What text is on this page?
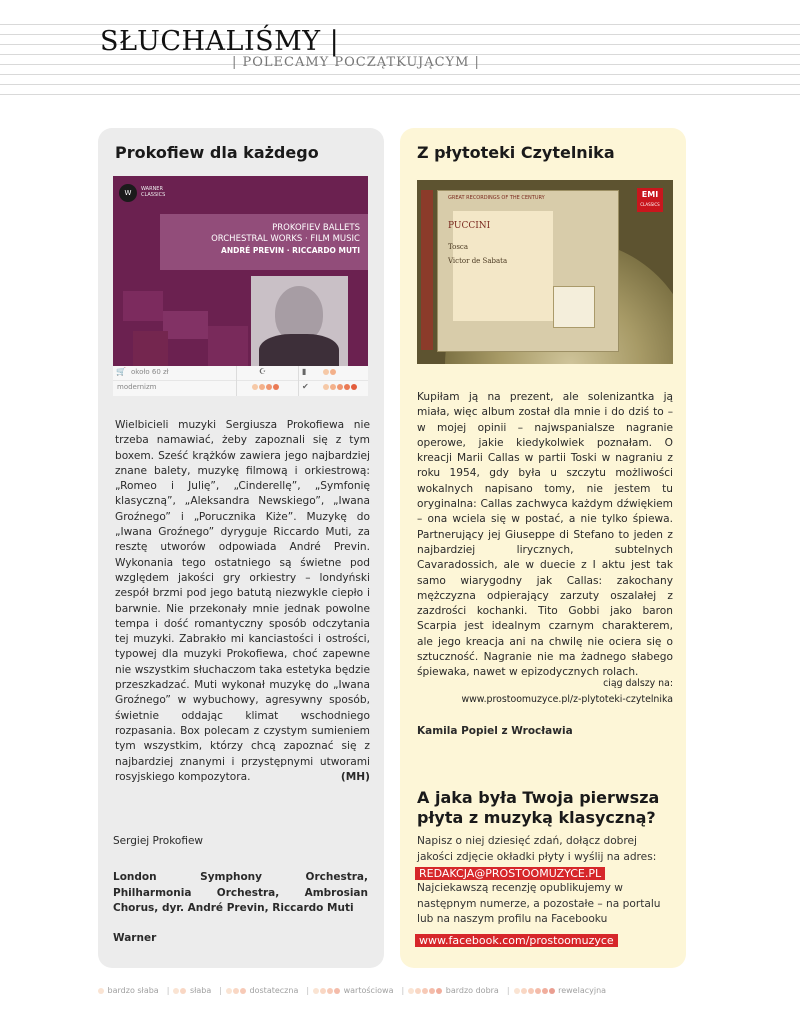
SŁUCHALIŚMY |
| POLECAMY POCZĄTKUJĄCYM |
Prokofiew dla każdego
W	WARNER CLASSICS
PROKOFIEV BALLETS
ORCHESTRAL WORKS · FILM MUSIC
ANDRÉ PREVIN · RICCARDO MUTI
🛒 około 60 zł
modernizm
☪	▮
✔

Wielbicieli muzyki Sergiusza Prokofiewa nie trzeba namawiać, żeby zapoznali się z tym boxem. Sześć krążków zawiera jego najbardziej znane balety, muzykę filmową i orkiestrową: „Romeo i Julię”, „Cinderellę”, „Symfonię klasyczną”, „Aleksandra Newskiego”, „Iwana Groźnego” i „Porucznika Kiże”. Muzykę do „Iwana Groźnego” dyryguje Riccardo Muti, za resztę utworów odpowiada André Previn. Wykonania tego ostatniego są świetne pod względem jakości gry orkiestry – londyński zespół brzmi pod jego batutą niezwykle ciepło i barwnie. Nie przekonały mnie jednak powolne tempa i dość romantyczny sposób odczytania tej muzyki. Zabrakło mi kanciastości i ostrości, typowej dla muzyki Prokofiewa, choć zapewne nie wszystkim słuchaczom taka estetyka będzie przeszkadzać. Muti wykonał muzykę do „Iwana Groźnego” w wybuchowy, agresywny sposób, świetnie oddając klimat wschodniego rozpasania. Box polecam z czystym sumieniem tym wszystkim, którzy chcą zapoznać się z najbardziej znanymi i przystępnymi utworami rosyjskiego kompozytora.	(MH)

Sergiej Prokofiew

London Symphony Orchestra, Philharmonia Orchestra, Ambrosian Chorus, dyr. André Previn, Riccardo Muti

Warner

Z płytoteki Czytelnika
PUCCINI
Tosca
Victor de Sabata
GREAT RECORDINGS OF THE CENTURY	EMI
CLASSICS

Kupiłam ją na prezent, ale solenizantka ją miała, więc album został dla mnie i do dziś to – w mojej opinii – najwspanialsze nagranie operowe, jakie kiedykolwiek poznałam. O kreacji Marii Callas w partii Toski w nagraniu z roku 1954, gdy była u szczytu możliwości wokalnych napisano tomy, nie jestem tu oryginalna: Callas zachwyca każdym dźwiękiem – ona wciela się w postać, a nie tylko śpiewa. Partnerujący jej Giuseppe di Stefano to jeden z najbardziej lirycznych, subtelnych Cavaradossich, ale w duecie z I aktu jest tak samo wiarygodny jak Callas: zakochany mężczyzna odpierający zarzuty oszalałej z zazdrości kochanki. Tito Gobbi jako baron Scarpia jest idealnym czarnym charakterem, ale jego kreacja ani na chwilę nie ociera się o sztuczność. Nagranie nie ma żadnego słabego śpiewaka, nawet w epizodycznych rolach.

ciąg dalszy na:
www.prostoomuzyce.pl/z-plytoteki-czytelnika
Kamila Popiel z Wrocławia
A jaka była Twoja pierwsza płyta z muzyką klasyczną?

Napisz o niej dziesięć zdań, dołącz dobrej jakości zdjęcie okładki płyty i wyślij na adres:

REDAKCJA@PROSTOOMUZYCE.PL

Najciekawszą recenzję opublikujemy w następnym numerze, a pozostałe – na portalu lub na naszym profilu na Facebooku

www.facebook.com/prostoomuzyce
bardzo słaba | słaba |	dostateczna |	wartościowa |	bardzo dobra |	rewelacyjna
